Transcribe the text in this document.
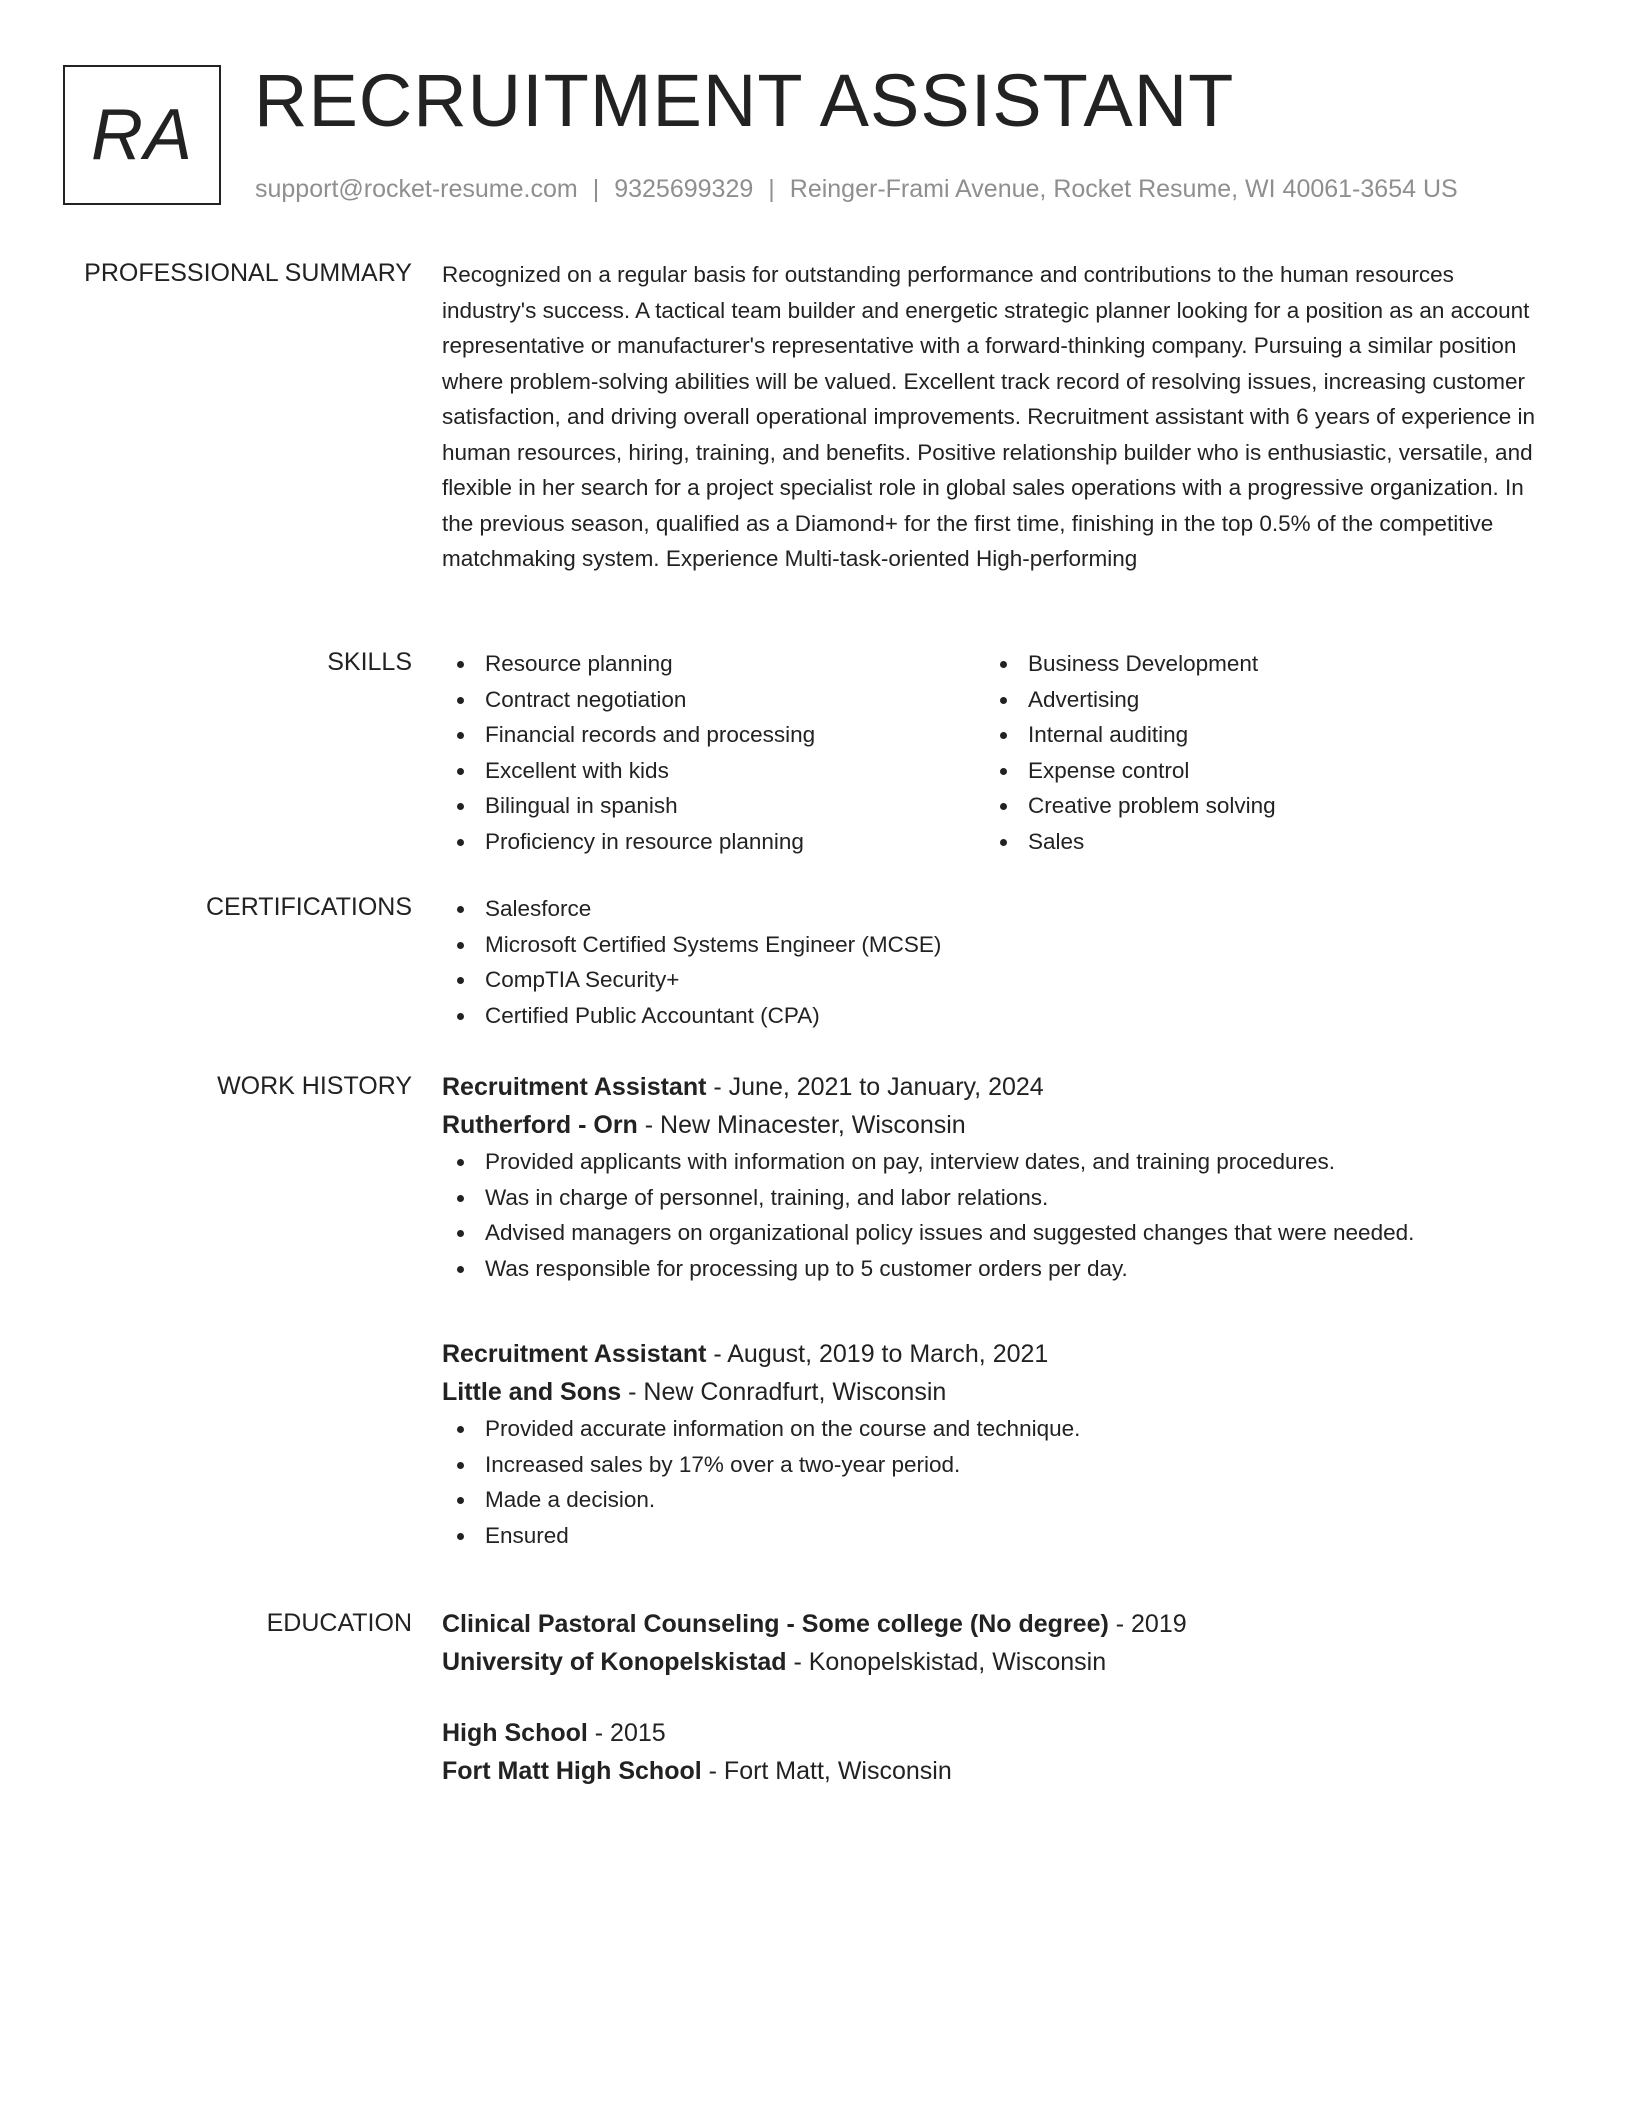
RA RECRUITMENT ASSISTANT
support@rocket-resume.com | 9325699329 | Reinger-Frami Avenue, Rocket Resume, WI 40061-3654 US
PROFESSIONAL SUMMARY Recognized on a regular basis for outstanding performance and contributions to the human resources industry's success. A tactical team builder and energetic strategic planner looking for a position as an account representative or manufacturer's representative with a forward-thinking company. Pursuing a similar position where problem-solving abilities will be valued. Excellent track record of resolving issues, increasing customer satisfaction, and driving overall operational improvements. Recruitment assistant with 6 years of experience in human resources, hiring, training, and benefits. Positive relationship builder who is enthusiastic, versatile, and flexible in her search for a project specialist role in global sales operations with a progressive organization. In the previous season, qualified as a Diamond+ for the first time, finishing in the top 0.5% of the competitive matchmaking system. Experience Multi-task-oriented High-performing

SKILLS	Resource planning
Contract negotiation
Financial records and processing
Excellent with kids
Bilingual in spanish
Proficiency in resource planning
Business Development
Advertising
Internal auditing
Expense control
Creative problem solving
Sales
CERTIFICATIONS	Salesforce
Microsoft Certified Systems Engineer (MCSE)
CompTIA Security+
Certified Public Accountant (CPA)
WORK HISTORY Recruitment Assistant - June, 2021 to January, 2024
Rutherford - Orn - New Minacester, Wisconsin
Provided applicants with information on pay, interview dates, and training procedures.
Was in charge of personnel, training, and labor relations.
Advised managers on organizational policy issues and suggested changes that were needed.
Was responsible for processing up to 5 customer orders per day.
Recruitment Assistant - August, 2019 to March, 2021
Little and Sons - New Conradfurt, Wisconsin
Provided accurate information on the course and technique.
Increased sales by 17% over a two-year period.
Made a decision.
Ensured
EDUCATION Clinical Pastoral Counseling - Some college (No degree) - 2019
University of Konopelskistad - Konopelskistad, Wisconsin
High School - 2015
Fort Matt High School - Fort Matt, Wisconsin
